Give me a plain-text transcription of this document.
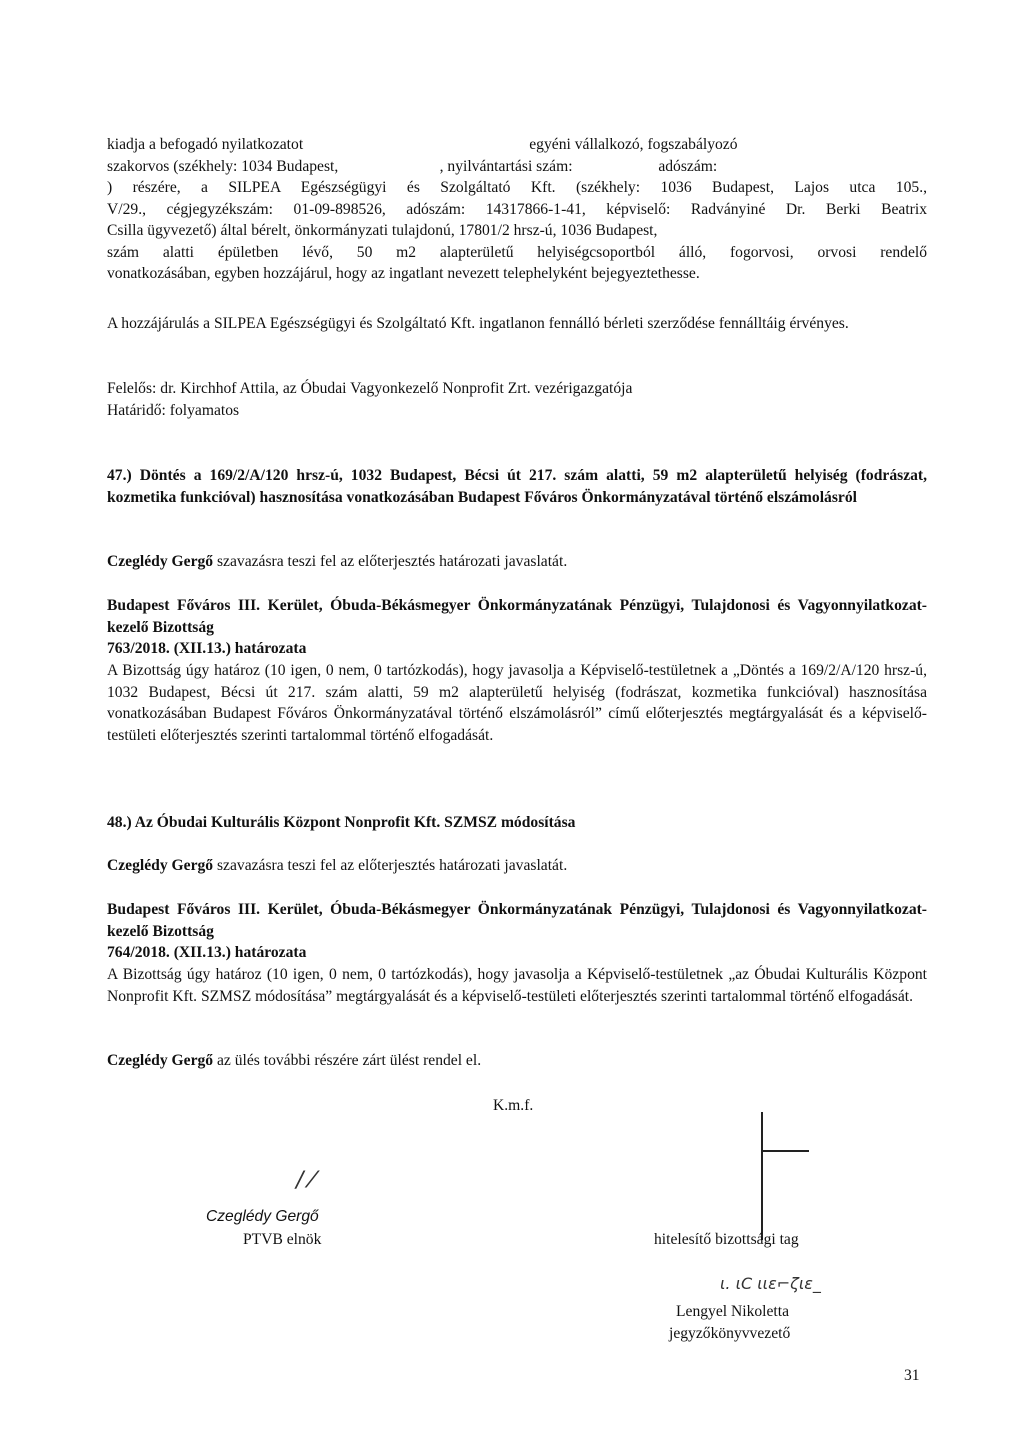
kiadja a befogadó nyilatkozatot                                                          egyéni vállalkozó, fogszabályozó
szakorvos (székhely: 1034 Budapest,                          , nyilvántartási szám:                      adószám:
) részére, a SILPEA Egészségügyi és Szolgáltató Kft. (székhely: 1036 Budapest, Lajos utca 105.,
V/29., cégjegyzékszám: 01-09-898526, adószám: 14317866-1-41, képviselő: Radványiné Dr. Berki Beatrix
Csilla ügyvezető) által bérelt, önkormányzati tulajdonú, 17801/2 hrsz-ú, 1036 Budapest,
szám alatti épületben lévő, 50 m2 alapterületű helyiségcsoportból álló, fogorvosi, orvosi rendelő
vonatkozásában, egyben hozzájárul, hogy az ingatlant nevezett telephelyként bejegyeztethesse.
A hozzájárulás a SILPEA Egészségügyi és Szolgáltató Kft. ingatlanon fennálló bérleti szerződése fennálltáig érvényes.
Felelős: dr. Kirchhof Attila, az Óbudai Vagyonkezelő Nonprofit Zrt. vezérigazgatója
Határidő: folyamatos
47.) Döntés a 169/2/A/120 hrsz-ú, 1032 Budapest, Bécsi út 217. szám alatti, 59 m2 alapterületű helyiség (fodrászat, kozmetika funkcióval) hasznosítása vonatkozásában Budapest Főváros Önkormányzatával történő elszámolásról
Czeglédy Gergő szavazásra teszi fel az előterjesztés határozati javaslatát.
Budapest Főváros III. Kerület, Óbuda-Békásmegyer Önkormányzatának Pénzügyi, Tulajdonosi és Vagyonnyilatkozat-kezelő Bizottság
763/2018. (XII.13.) határozata
A Bizottság úgy határoz (10 igen, 0 nem, 0 tartózkodás), hogy javasolja a Képviselő-testületnek a „Döntés a 169/2/A/120 hrsz-ú, 1032 Budapest, Bécsi út 217. szám alatti, 59 m2 alapterületű helyiség (fodrászat, kozmetika funkcióval) hasznosítása vonatkozásában Budapest Főváros Önkormányzatával történő elszámolásról” című előterjesztés megtárgyalását és a képviselő-testületi előterjesztés szerinti tartalommal történő elfogadását.
48.) Az Óbudai Kulturális Központ Nonprofit Kft. SZMSZ módosítása
Czeglédy Gergő szavazásra teszi fel az előterjesztés határozati javaslatát.
Budapest Főváros III. Kerület, Óbuda-Békásmegyer Önkormányzatának Pénzügyi, Tulajdonosi és Vagyonnyilatkozat-kezelő Bizottság
764/2018. (XII.13.) határozata
A Bizottság úgy határoz (10 igen, 0 nem, 0 tartózkodás), hogy javasolja a Képviselő-testületnek „az Óbudai Kulturális Központ Nonprofit Kft. SZMSZ módosítása” megtárgyalását és a képviselő-testületi előterjesztés szerinti tartalommal történő elfogadását.
Czeglédy Gergő az ülés további részére zárt ülést rendel el.
K.m.f.
/ ⁄
Czeglédy Gergő
PTVB elnök	hitelesítő bizottsági tag
ι. ιC ιιε⌐ζιε_
Lengyel Nikoletta
jegyzőkönyvvezető
31
